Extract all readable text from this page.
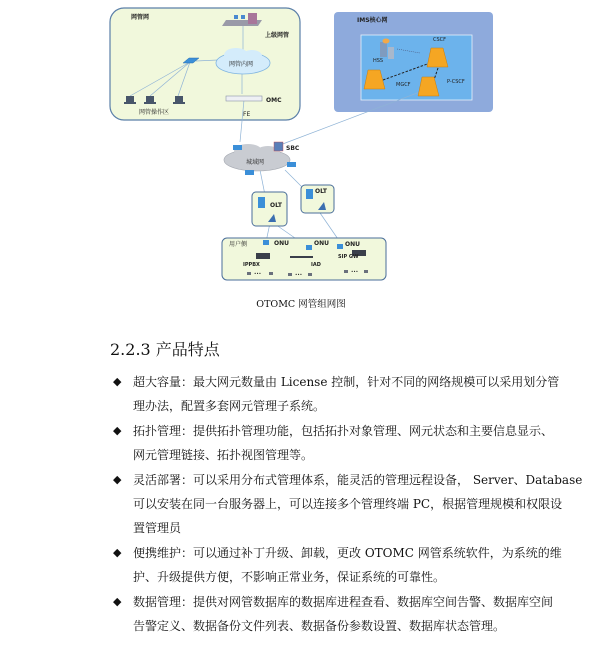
网管网	IMS核心网
上级网管
网管内网
网管操作区
OMC
FE
HSS
CSCF
MGCF	P-CSCF
城域网
SBC
OLT
OLT
用户侧	ONU	ONU	ONU
IPPBX	IAD
SIP GW
•••	•••
•••
OTOMC 网管组网图
2.2.3 产品特点
◆ 超大容量：最大网元数量由 License 控制，针对不同的网络规模可以采用划分管
理办法，配置多套网元管理子系统。
◆ 拓扑管理：提供拓扑管理功能，包括拓扑对象管理、网元状态和主要信息显示、
网元管理链接、拓扑视图管理等。
◆ 灵活部署：可以采用分布式管理体系，能灵活的管理远程设备， Server、Database
可以安装在同一台服务器上，可以连接多个管理终端 PC，根据管理规模和权限设
置管理员
◆ 便携维护：可以通过补丁升级、卸载，更改 OTOMC 网管系统软件，为系统的维
护、升级提供方便，不影响正常业务，保证系统的可靠性。
◆ 数据管理：提供对网管数据库的数据库进程查看、数据库空间告警、数据库空间
告警定义、数据备份文件列表、数据备份参数设置、数据库状态管理。
